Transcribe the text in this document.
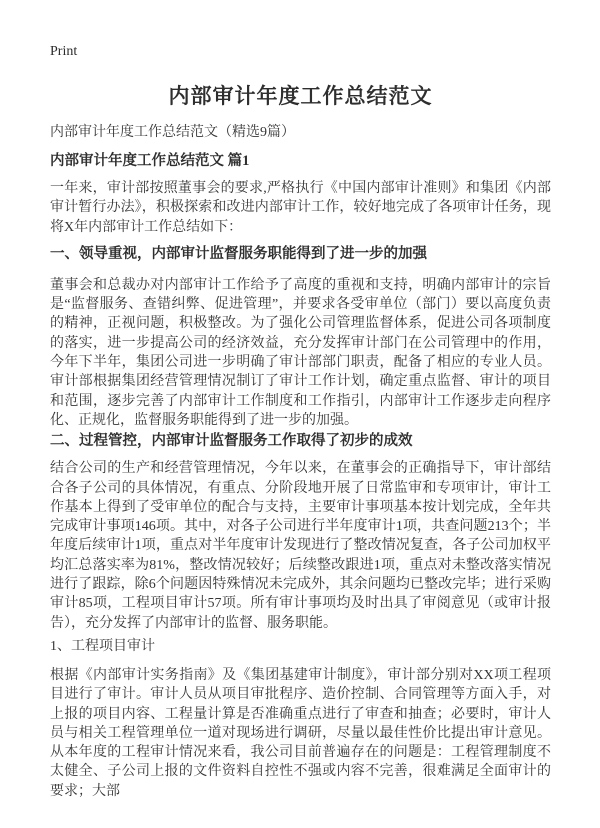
Print
内部审计年度工作总结范文

内部审计年度工作总结范文（精选9篇）

内部审计年度工作总结范文 篇1

一年来，审计部按照董事会的要求,严格执行《中国内部审计准则》和集团《内部审计暂行办法》，积极探索和改进内部审计工作，较好地完成了各项审计任务，现将X年内部审计工作总结如下：

一、领导重视，内部审计监督服务职能得到了进一步的加强

董事会和总裁办对内部审计工作给予了高度的重视和支持，明确内部审计的宗旨是“监督服务、查错纠弊、促进管理”，并要求各受审单位（部门）要以高度负责的精神，正视问题，积极整改。为了强化公司管理监督体系，促进公司各项制度的落实，进一步提高公司的经济效益，充分发挥审计部门在公司管理中的作用，今年下半年，集团公司进一步明确了审计部部门职责，配备了相应的专业人员。审计部根据集团经营管理情况制订了审计工作计划，确定重点监督、审计的项目和范围，逐步完善了内部审计工作制度和工作指引，内部审计工作逐步走向程序化、正规化，监督服务职能得到了进一步的加强。

二、过程管控，内部审计监督服务工作取得了初步的成效

结合公司的生产和经营管理情况，今年以来，在董事会的正确指导下，审计部结合各子公司的具体情况，有重点、分阶段地开展了日常监审和专项审计，审计工作基本上得到了受审单位的配合与支持，主要审计事项基本按计划完成，全年共完成审计事项146项。其中，对各子公司进行半年度审计1项，共查问题213个；半年度后续审计1项，重点对半年度审计发现进行了整改情况复查，各子公司加权平均汇总落实率为81%，整改情况较好；后续整改跟进1项，重点对未整改落实情况进行了跟踪，除6个问题因特殊情况未完成外，其余问题均已整改完毕；进行采购审计85项，工程项目审计57项。所有审计事项均及时出具了审阅意见（或审计报告），充分发挥了内部审计的监督、服务职能。

1、工程项目审计

根据《内部审计实务指南》及《集团基建审计制度》，审计部分别对XX项工程项目进行了审计。审计人员从项目审批程序、造价控制、合同管理等方面入手，对上报的项目内容、工程量计算是否准确重点进行了审查和抽查；必要时，审计人员与相关工程管理单位一道对现场进行调研，尽量以最佳性价比提出审计意见。从本年度的工程审计情况来看，我公司目前普遍存在的问题是：工程管理制度不太健全、子公司上报的文件资料自控性不强或内容不完善，很难满足全面审计的要求；大部
